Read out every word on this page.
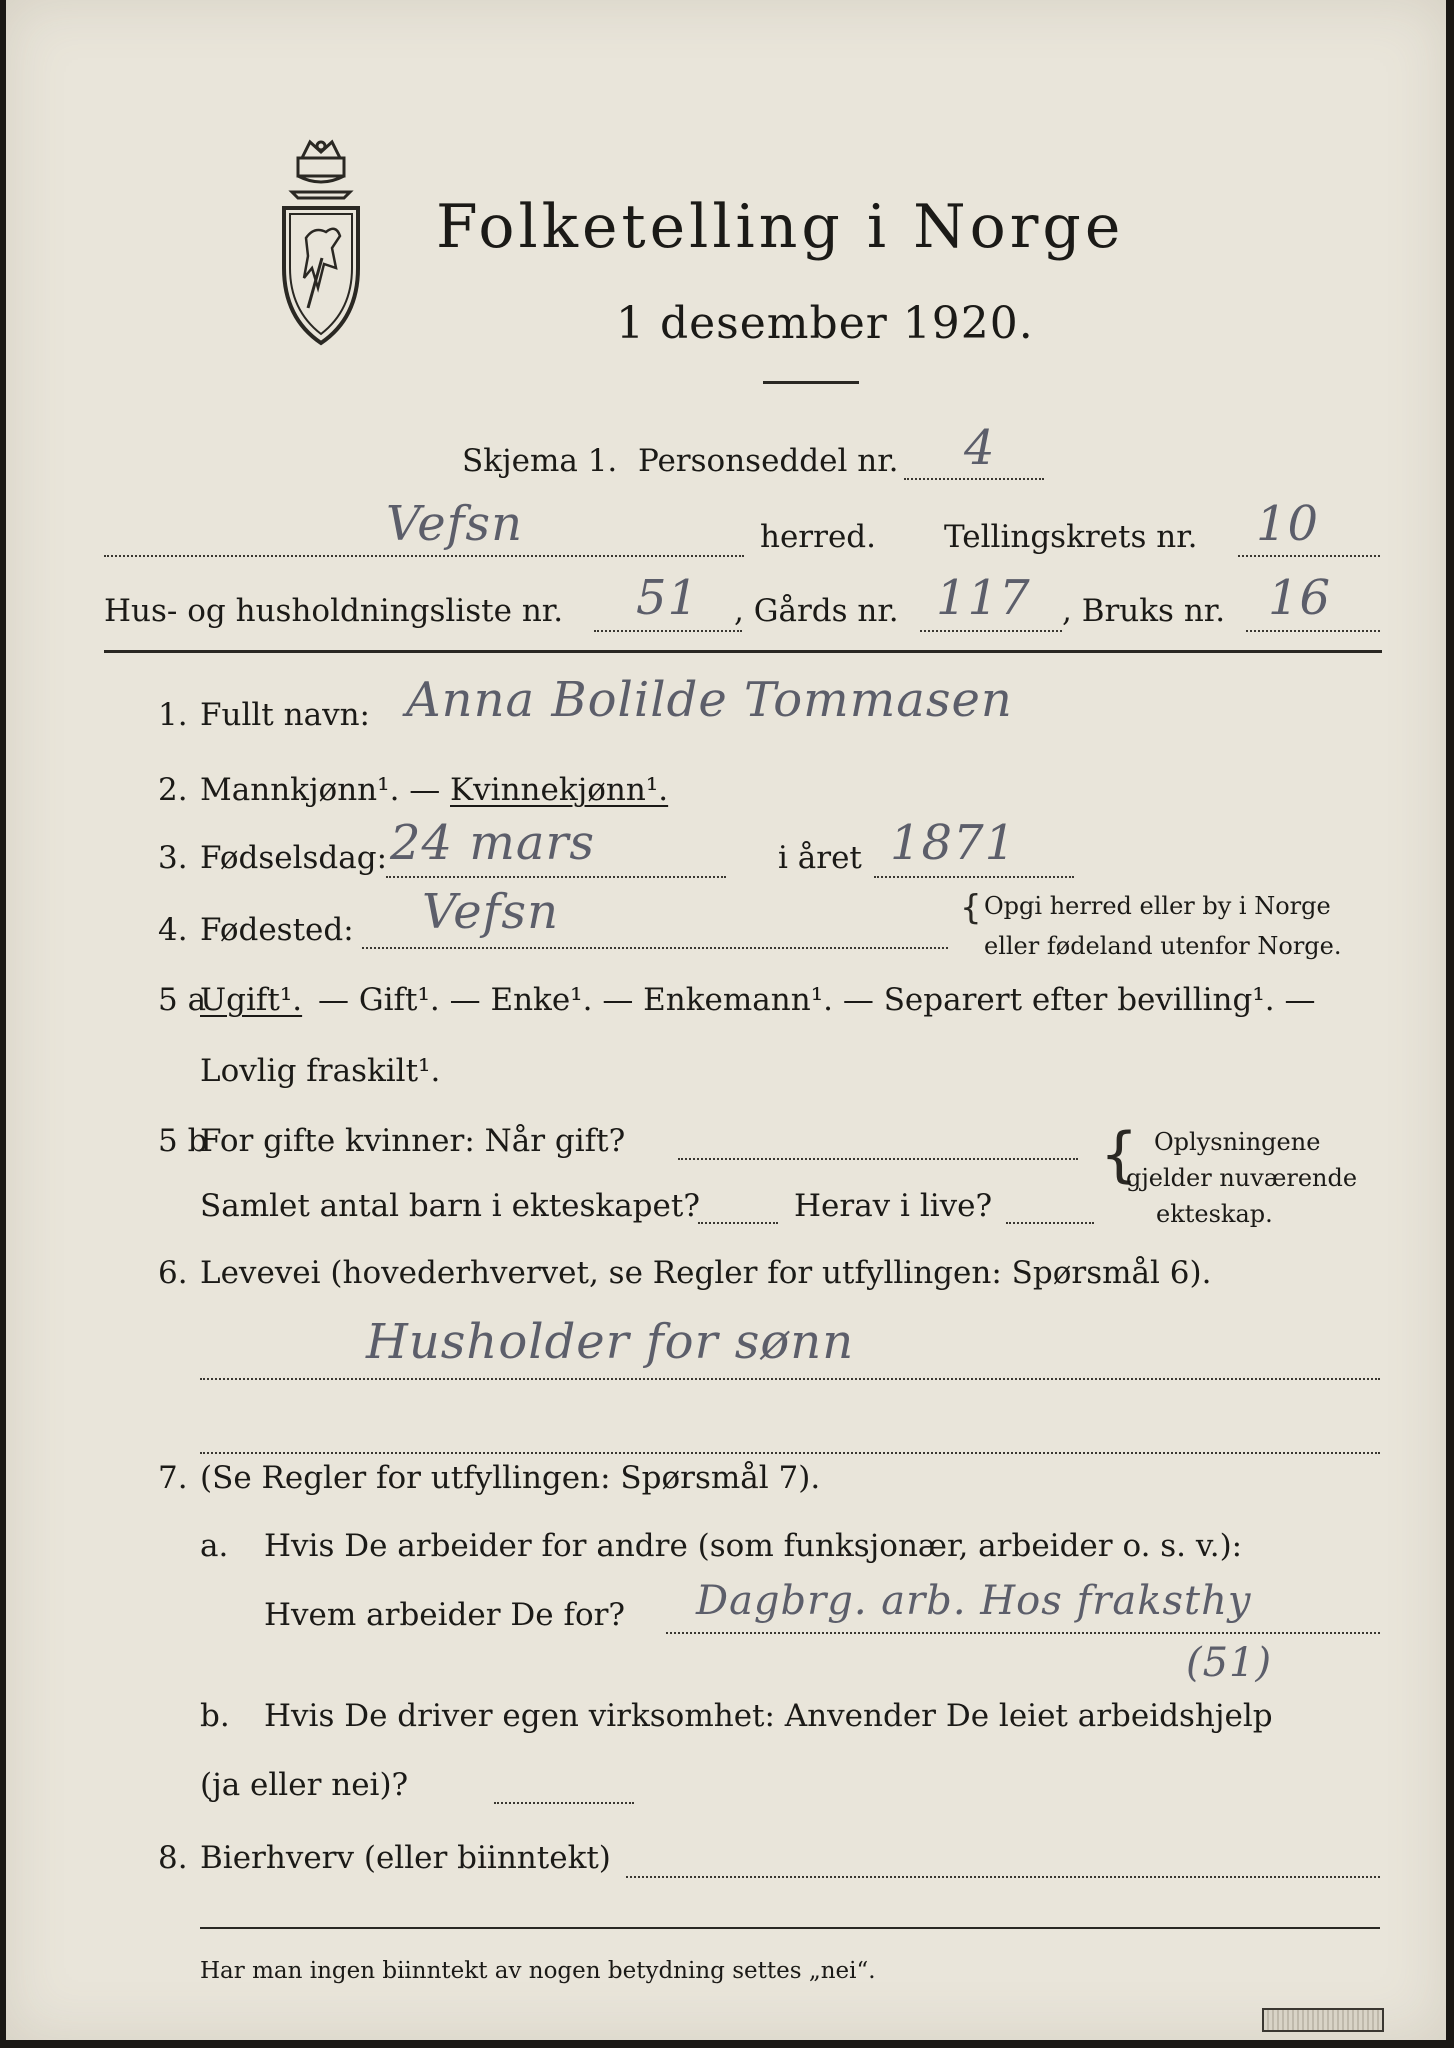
Folketelling i Norge
1 desember 1920.
Skjema 1. Personseddel nr. 4
Vefsn	herred. Tellingskrets nr. 10
Hus- og husholdningsliste nr. 51 , Gårds nr. 117 , Bruks nr. 16
1. Fullt navn: Anna Bolilde Tommasen
2. Mannkjønn¹. — Kvinnekjønn¹.
3. Fødselsdag: 24 mars	i året 1871
4. Fødested: Vefsn	{ Opgi herred eller by i Norge
eller fødeland utenfor Norge.
5 a
Ugift¹. — Gift¹. — Enke¹. — Enkemann¹. — Separert efter bevilling¹. —
Lovlig fraskilt¹.
5 b
For gifte kvinner: Når gift?
Samlet antal barn i ekteskapet?	Herav i live?
{ Oplysningene
gjelder nuværende
ekteskap.
6. Levevei (hovederhvervet, se Regler for utfyllingen: Spørsmål 6).
Husholder for sønn
7. (Se Regler for utfyllingen: Spørsmål 7).
a. Hvis De arbeider for andre (som funksjonær, arbeider o. s. v.):
Hvem arbeider De for? Dagbrg. arb. Hos fraksthy
(51)
b. Hvis De driver egen virksomhet: Anvender De leiet arbeidshjelp
(ja eller nei)?
8. Bierhverv (eller biinntekt)
Har man ingen biinntekt av nogen betydning settes „nei“.
